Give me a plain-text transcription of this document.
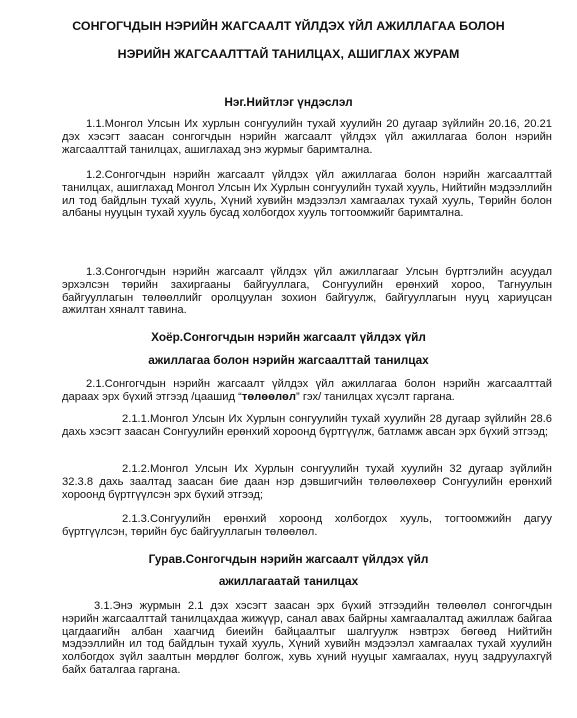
СОНГОГЧДЫН НЭРИЙН ЖАГСААЛТ ҮЙЛДЭХ ҮЙЛ АЖИЛЛАГАА БОЛОН

НЭРИЙН ЖАГСААЛТТАЙ ТАНИЛЦАХ, АШИГЛАХ ЖУРАМ

Нэг.Нийтлэг үндэслэл

1.1.Монгол Улсын Их хурлын сонгуулийн тухай хуулийн 20 дугаар зүйлийн 20.16, 20.21 дэх хэсэгт заасан сонгогчдын нэрийн жагсаалт үйлдэх үйл ажиллагаа болон нэрийн жагсаалттай танилцах, ашиглахад энэ журмыг баримтална.

1.2.Сонгогчдын нэрийн жагсаалт үйлдэх үйл ажиллагаа болон нэрийн жагсаалттай танилцах, ашиглахад Монгол Улсын Их Хурлын сонгуулийн тухай хууль, Нийтийн мэдээллийн ил тод байдлын тухай хууль, Хүний хувийн мэдээлэл хамгаалах тухай хууль, Төрийн болон албаны нууцын тухай хууль бусад холбогдох хууль тогтоомжийг баримтална.

1.3.Сонгогчдын нэрийн жагсаалт үйлдэх үйл ажиллагааг Улсын бүртгэлийн асуудал эрхэлсэн төрийн захиргааны байгууллага, Сонгуулийн ерөнхий хороо, Тагнуулын байгууллагын төлөөллийг оролцуулан зохион байгуулж, байгууллагын нууц хариуцсан ажилтан хяналт тавина.

Хоёр.Сонгогчдын нэрийн жагсаалт үйлдэх үйл

ажиллагаа болон нэрийн жагсаалттай танилцах

2.1.Сонгогчдын нэрийн жагсаалт үйлдэх үйл ажиллагаа болон нэрийн жагсаалттай дараах эрх бүхий этгээд /цаашид “төлөөлөл” гэх/ танилцах хүсэлт гаргана.

2.1.1.Монгол Улсын Их Хурлын сонгуулийн тухай хуулийн 28 дугаар зүйлийн 28.6 дахь хэсэгт заасан Сонгуулийн ерөнхий хороонд бүртгүүлж, батламж авсан эрх бүхий этгээд;

2.1.2.Монгол Улсын Их Хурлын сонгуулийн тухай хуулийн 32 дугаар зүйлийн 32.3.8 дахь заалтад заасан бие даан нэр дэвшигчийн төлөөлөхөөр Сонгуулийн ерөнхий хороонд бүртгүүлсэн эрх бүхий этгээд;

2.1.3.Сонгуулийн ерөнхий хороонд холбогдох хууль, тогтоомжийн дагуу бүртгүүлсэн, төрийн бус байгууллагын төлөөлөл.

Гурав.Сонгогчдын нэрийн жагсаалт үйлдэх үйл

ажиллагаатай танилцах

3.1.Энэ журмын 2.1 дэх хэсэгт заасан эрх бүхий этгээдийн төлөөлөл сонгогчдын нэрийн жагсаалттай танилцахдаа жижүүр, санал авах байрны хамгаалалтад ажиллаж байгаа цагдаагийн албан хаагчид биеийн байцаалтыг шалгуулж нэвтрэх бөгөөд Нийтийн мэдээллийн ил тод байдлын тухай хууль, Хүний хувийн мэдээлэл хамгаалах тухай хуулийн холбогдох зүйл заалтын мөрдлөг болгож, хувь хүний нууцыг хамгаалах, нууц задруулахгүй байх баталгаа гаргана.
